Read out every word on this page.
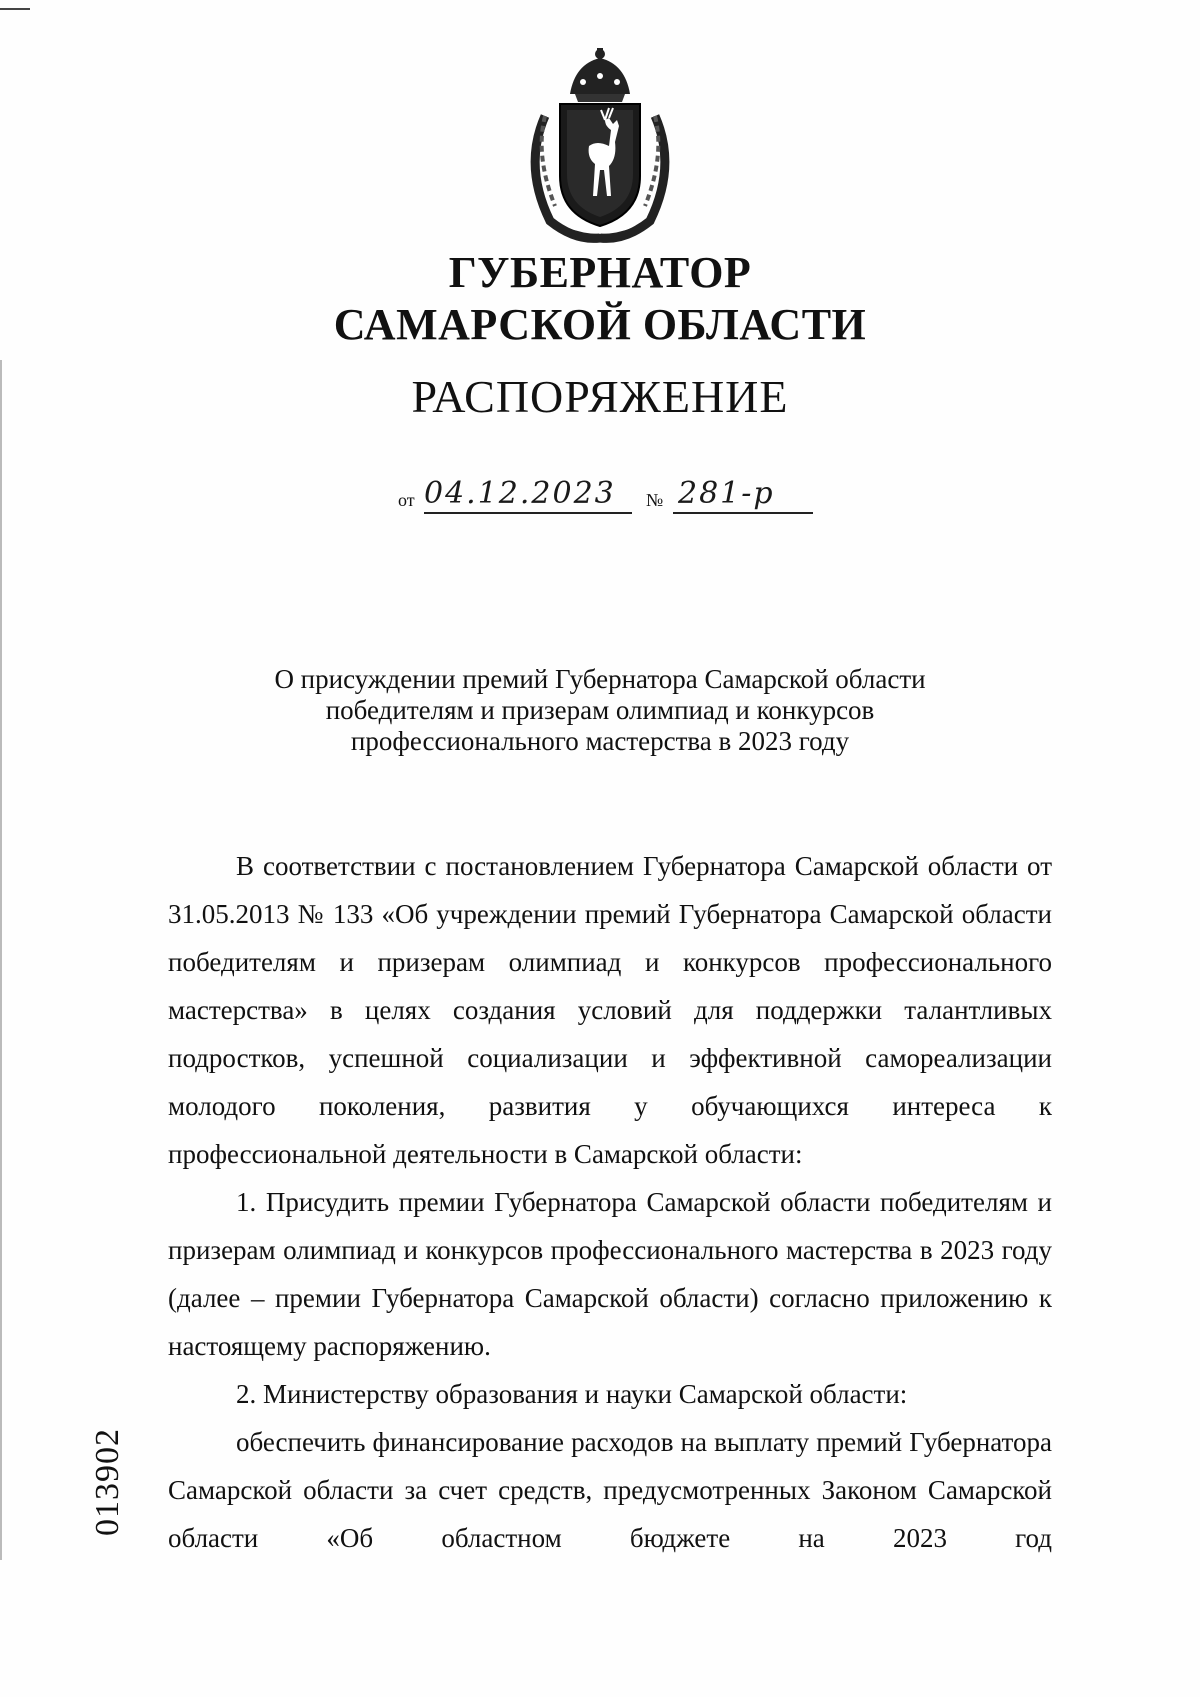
ГУБЕРНАТОР
САМАРСКОЙ ОБЛАСТИ
РАСПОРЯЖЕНИЕ
от 04.12.2023 № 281-р
О присуждении премий Губернатора Самарской области
победителям и призерам олимпиад и конкурсов
профессионального мастерства в 2023 году

В соответствии с постановлением Губернатора Самарской области от 31.05.2013 № 133 «Об учреждении премий Губернатора Самарской области победителям и призерам олимпиад и конкурсов профессионального мастерства» в целях создания условий для поддержки талантливых подростков, успешной социализации и эффективной самореализации молодого поколения, развития у обучающихся интереса к профессиональной деятельности в Самарской области:

1. Присудить премии Губернатора Самарской области победителям и призерам олимпиад и конкурсов профессионального мастерства в 2023 году (далее – премии Губернатора Самарской области) согласно приложению к настоящему распоряжению.

2. Министерству образования и науки Самарской области:

обеспечить финансирование расходов на выплату премий Губернатора Самарской области за счет средств, предусмотренных Законом Самарской области «Об областном бюджете на 2023 год

013902
